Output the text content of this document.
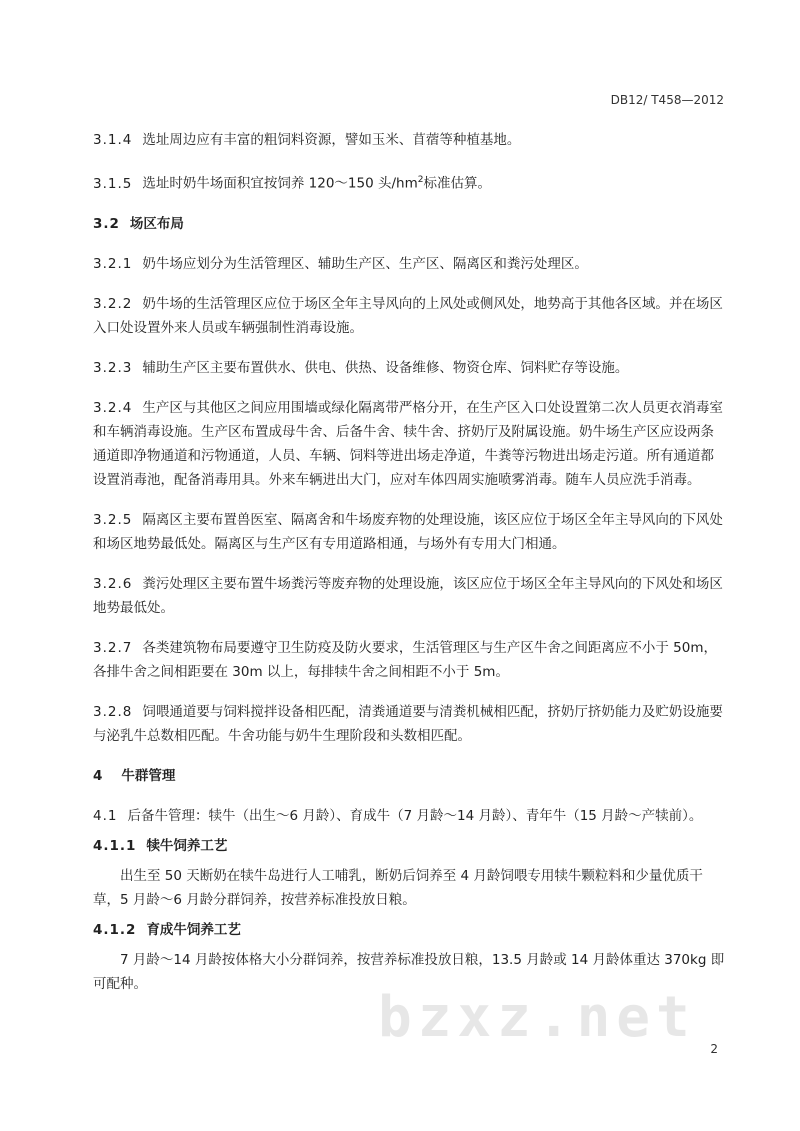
DB12/ T458—2012

3.1.4 选址周边应有丰富的粗饲料资源，譬如玉米、苜蓿等种植基地。

3.1.5 选址时奶牛场面积宜按饲养 120～150 头$/hm^2$标准估算。

3.2 场区布局

3.2.1 奶牛场应划分为生活管理区、辅助生产区、生产区、隔离区和粪污处理区。

3.2.2 奶牛场的生活管理区应位于场区全年主导风向的上风处或侧风处，地势高于其他各区域。并在场区入口处设置外来人员或车辆强制性消毒设施。

3.2.3 辅助生产区主要布置供水、供电、供热、设备维修、物资仓库、饲料贮存等设施。

3.2.4 生产区与其他区之间应用围墙或绿化隔离带严格分开，在生产区入口处设置第二次人员更衣消毒室和车辆消毒设施。生产区布置成母牛舍、后备牛舍、犊牛舍、挤奶厅及附属设施。奶牛场生产区应设两条通道即净物通道和污物通道，人员、车辆、饲料等进出场走净道，牛粪等污物进出场走污道。所有通道都设置消毒池，配备消毒用具。外来车辆进出大门，应对车体四周实施喷雾消毒。随车人员应洗手消毒。

3.2.5 隔离区主要布置兽医室、隔离舍和牛场废弃物的处理设施，该区应位于场区全年主导风向的下风处和场区地势最低处。隔离区与生产区有专用道路相通，与场外有专用大门相通。

3.2.6 粪污处理区主要布置牛场粪污等废弃物的处理设施，该区应位于场区全年主导风向的下风处和场区地势最低处。

3.2.7 各类建筑物布局要遵守卫生防疫及防火要求，生活管理区与生产区牛舍之间距离应不小于 50m，各排牛舍之间相距要在 30m 以上，每排犊牛舍之间相距不小于 5m。

3.2.8 饲喂通道要与饲料搅拌设备相匹配，清粪通道要与清粪机械相匹配，挤奶厅挤奶能力及贮奶设施要与泌乳牛总数相匹配。牛舍功能与奶牛生理阶段和头数相匹配。

4 牛群管理

4.1 后备牛管理：犊牛（出生～6 月龄）、育成牛（7 月龄～14 月龄）、青年牛（15 月龄～产犊前）。

4.1.1 犊牛饲养工艺

出生至 50 天断奶在犊牛岛进行人工哺乳，断奶后饲养至 4 月龄饲喂专用犊牛颗粒料和少量优质干草，5 月龄～6 月龄分群饲养，按营养标准投放日粮。

4.1.2 育成牛饲养工艺

7 月龄～14 月龄按体格大小分群饲养，按营养标准投放日粮，13.5 月龄或 14 月龄体重达 370kg 即可配种。

bzxz.net	2
